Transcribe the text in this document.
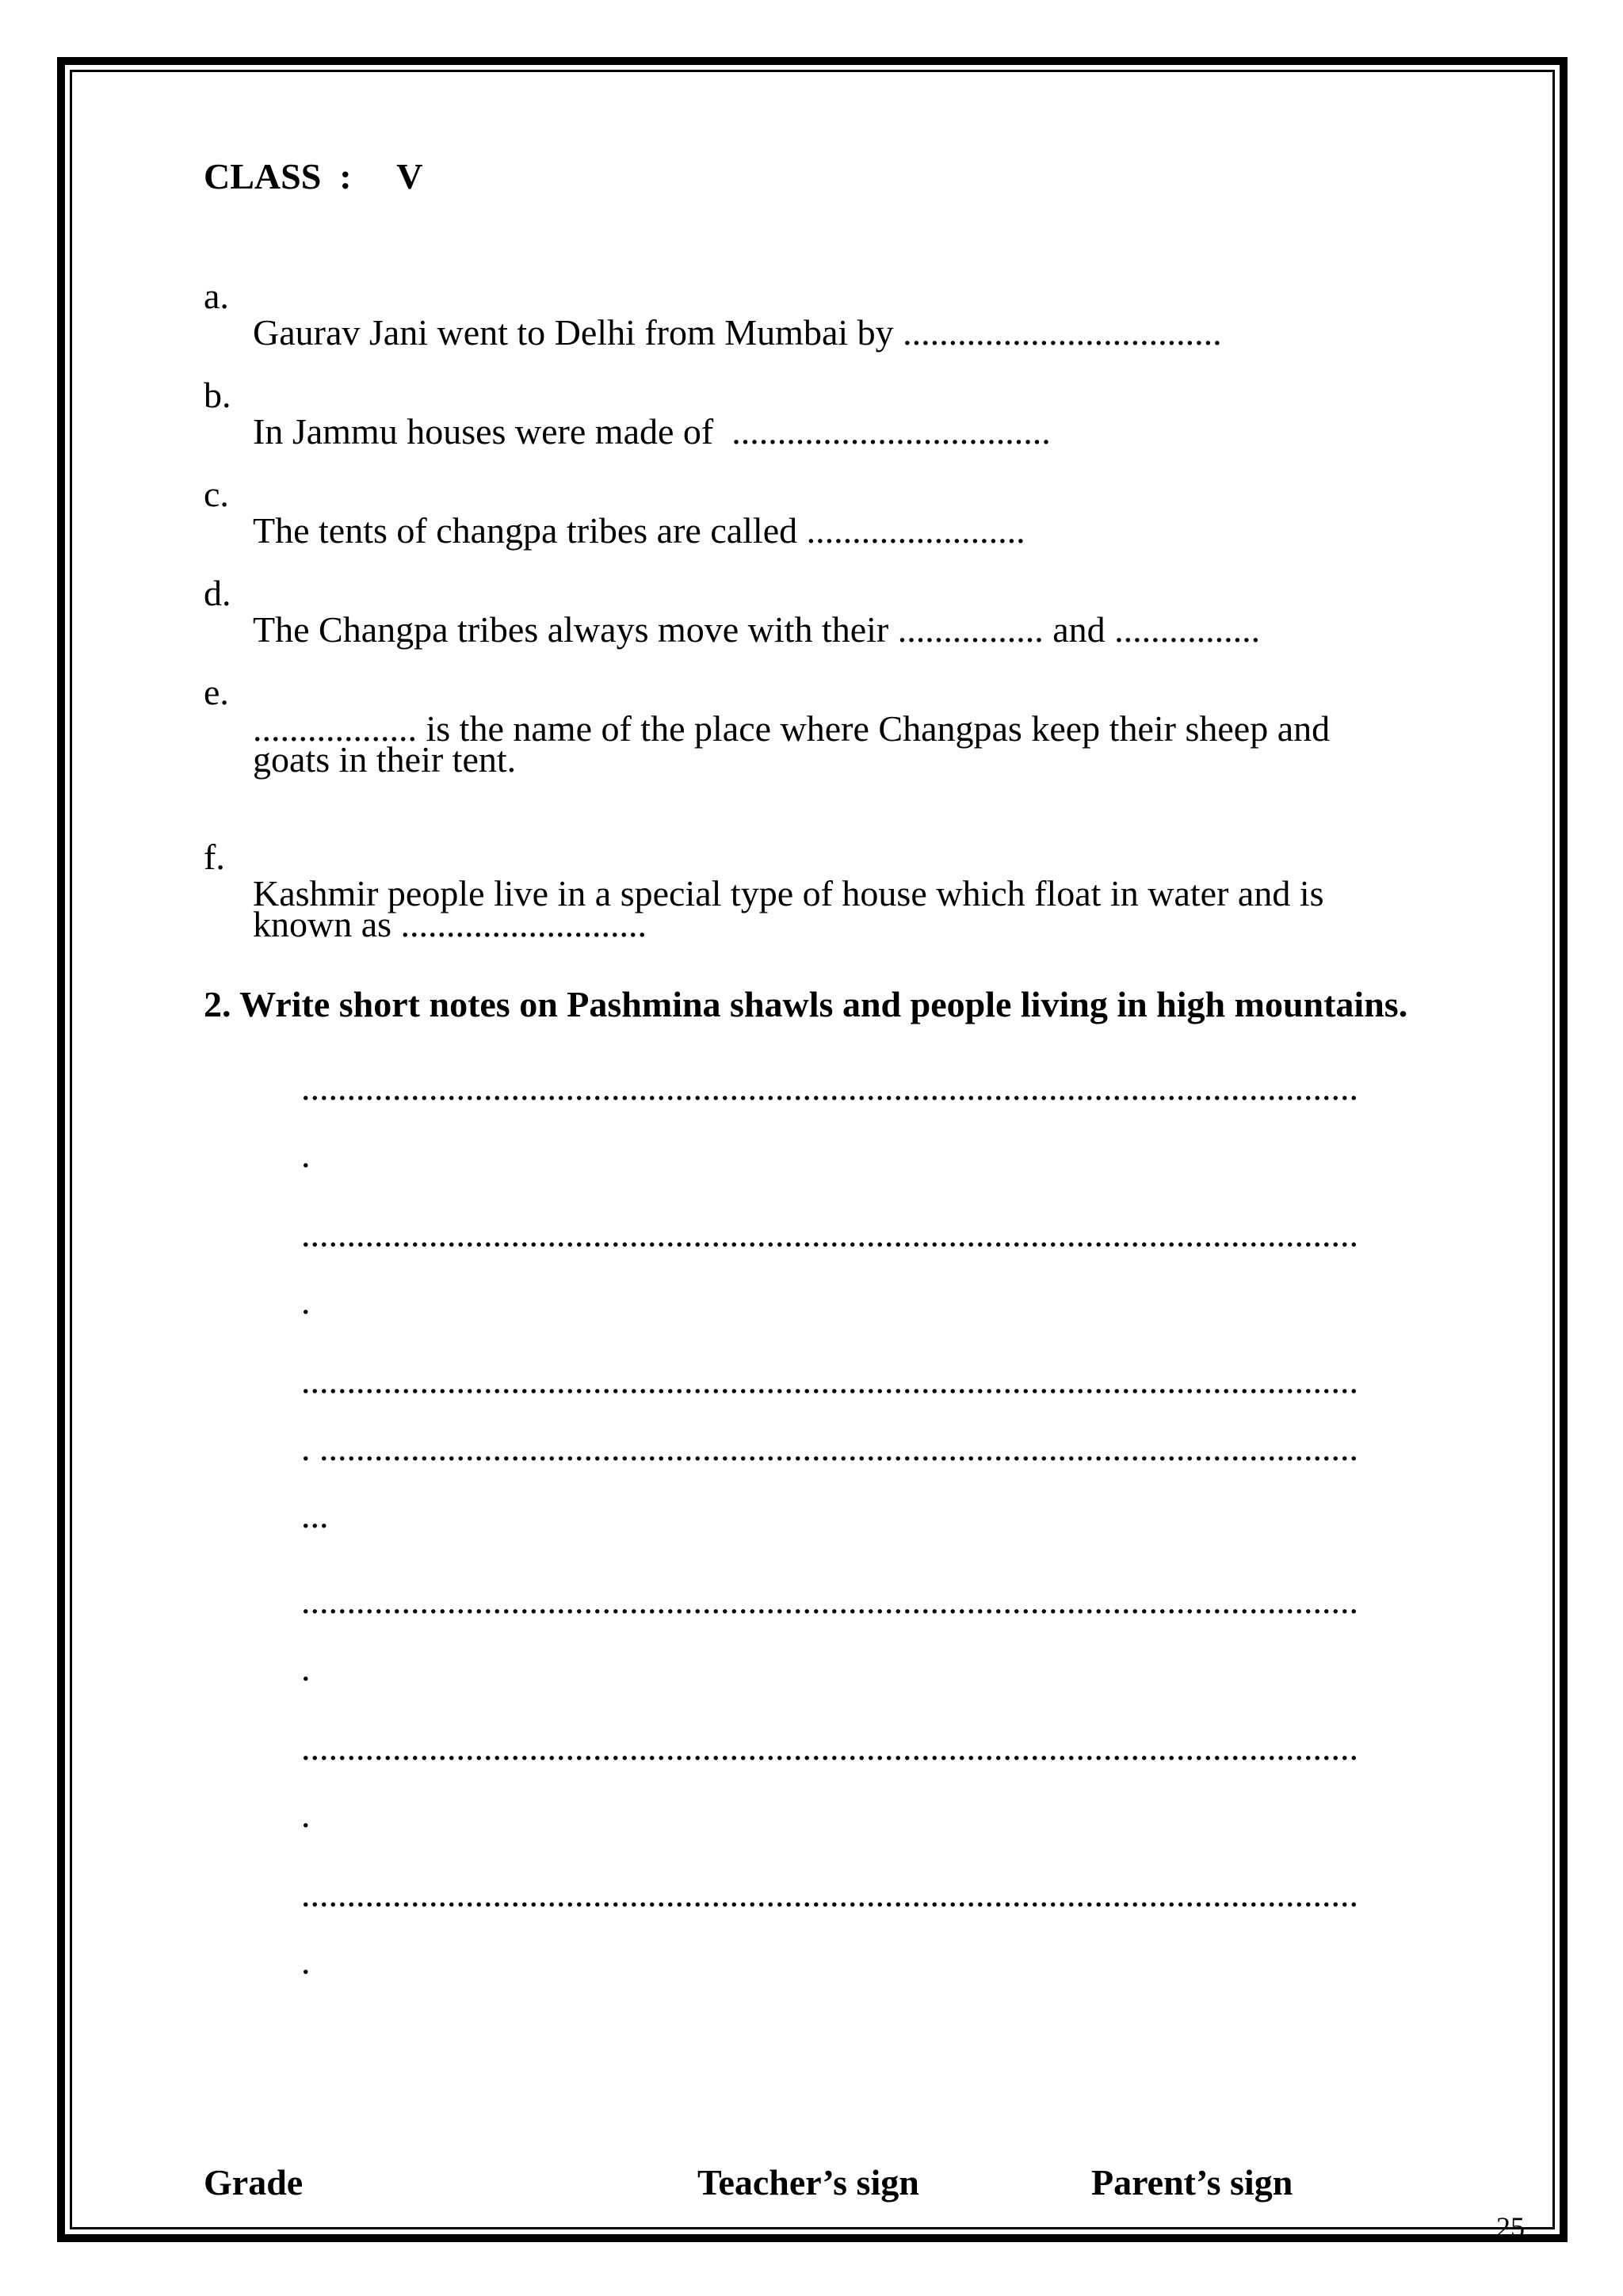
CLASS  :     V

a.

Gaurav Jani went to Delhi from Mumbai by ...................................

b.

In Jammu houses were made of  ...................................

c.

The tents of changpa tribes are called ........................

d.

The Changpa tribes always move with their ................ and ................

e.

.................. is the name of the place where Changpas keep their sheep and

goats in their tent.

f.

Kashmir people live in a special type of house which float in water and is

known as ...........................

2. Write short notes on Pashmina shawls and people living in high mountains.
....................................................................................................................
.
....................................................................................................................
.
....................................................................................................................
. ..................................................................................................................
...
....................................................................................................................
.
....................................................................................................................
.
....................................................................................................................
.
Grade	Teacher’s sign	Parent’s sign
25
